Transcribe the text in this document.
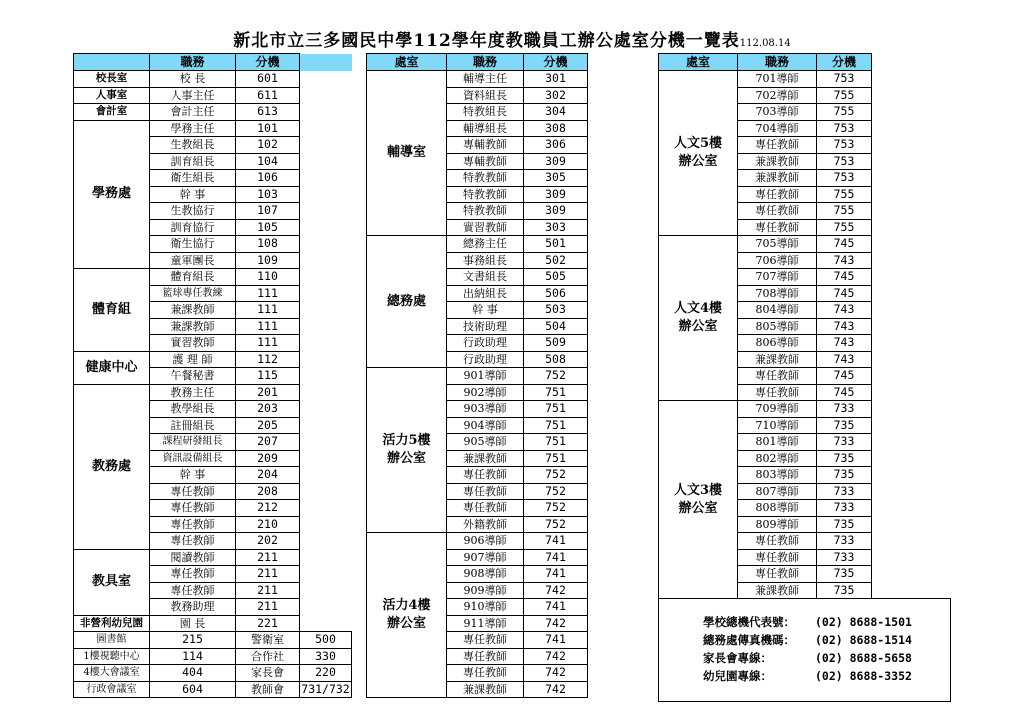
新北市立三多國民中學112學年度教職員工辦公處室分機一覽表112.08.14
	職務	分機	
校長室	校 長	601	
人事室	人事主任	611	
會計室	會計主任	613	
學務處	學務主任	101	
	生教組長	102	
	訓育組長	104	
	衛生組長	106	
	幹 事	103	
	生教協行	107	
	訓育協行	105	
	衛生協行	108	
	童軍團長	109	
體育組	體育組長	110	
	籃球專任教練	111	
	兼課教師	111	
	兼課教師	111	
	實習教師	111	
健康中心	護 理 師	112	
	午餐秘書	115	
教務處	教務主任	201	
	教學組長	203	
	註冊組長	205	
	課程研發組長	207	
	資訊設備組長	209	
	幹 事	204	
	專任教師	208	
	專任教師	212	
	專任教師	210	
	專任教師	202	
教具室	閱讀教師	211	
	專任教師	211	
	專任教師	211	
	教務助理	211	
非營利幼兒園	園 長	221	
圖書館	215	警衛室	500
1樓視聽中心	114	合作社	330
4樓大會議室	404	家長會	220
行政會議室	604	教師會	731/732
處室	職務	分機
輔導室	輔導主任	301
	資料組長	302
	特教組長	304
	輔導組長	308
	專輔教師	306
	專輔教師	309
	特教教師	305
	特教教師	309
	特教教師	309
	實習教師	303
總務處	總務主任	501
	事務組長	502
	文書組長	505
	出納組長	506
	幹 事	503
	技術助理	504
	行政助理	509
	行政助理	508
活力5樓
辦公室	901導師	752
	902導師	751
	903導師	751
	904導師	751
	905導師	751
	兼課教師	751
	專任教師	752
	專任教師	752
	專任教師	752
	外籍教師	752
活力4樓
辦公室	906導師	741
	907導師	741
	908導師	741
	909導師	742
	910導師	741
	911導師	742
	專任教師	741
	專任教師	742
	專任教師	742
	兼課教師	742
處室	職務	分機
人文5樓
辦公室	701導師	753
	702導師	755
	703導師	755
	704導師	753
	專任教師	753
	兼課教師	753
	兼課教師	753
	專任教師	755
	專任教師	755
	專任教師	755
人文4樓
辦公室	705導師	745
	706導師	743
	707導師	745
	708導師	745
	804導師	743
	805導師	743
	806導師	743
	兼課教師	743
	專任教師	745
	專任教師	745
人文3樓
辦公室	709導師	733
	710導師	735
	801導師	733
	802導師	735
	803導師	735
	807導師	733
	808導師	733
	809導師	735
	專任教師	733
	專任教師	733
	專任教師	735
	兼課教師	735
學校總機代表號：	(02) 8688-1501
總務處傳真機碼：	(02) 8688-1514
家長會專線：	(02) 8688-5658
幼兒園專線：	(02) 8688-3352
